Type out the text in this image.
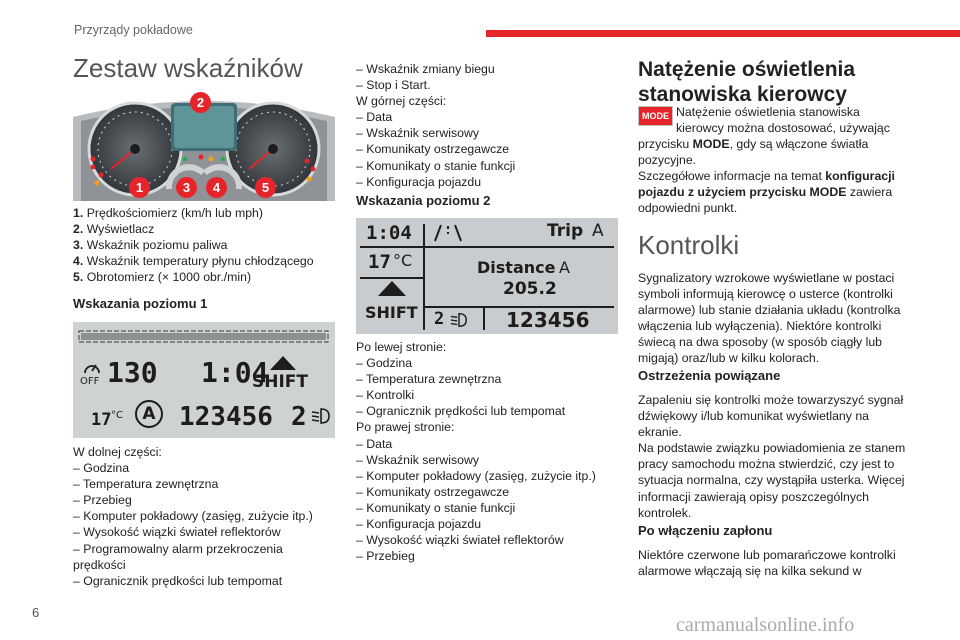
Przyrządy pokładowe
6
carmanualsonline.info
Zestaw wskaźników
2
1	3	4	5
1. Prędkościomierz (km/h lub mph)
2. Wyświetlacz
3. Wskaźnik poziomu paliwa
4. Wskaźnik temperatury płynu chłodzącego
5. Obrotomierz (× 1000 obr./min)
Wskazania poziomu 1
OFF 130 1:04
SHIFT
17 °C	A 123456 2
W dolnej części:
– Godzina
– Temperatura zewnętrzna
– Przebieg
– Komputer pokładowy (zasięg, zużycie itp.)
– Wysokość wiązki świateł reflektorów
– Programowalny alarm przekroczenia
prędkości
– Ogranicznik prędkości lub tempomat
– Wskaźnik zmiany biegu
– Stop i Start.
W górnej części:
– Data
– Wskaźnik serwisowy
– Komunikaty ostrzegawcze
– Komunikaty o stanie funkcji
– Konfiguracja pojazdu
Wskazania poziomu 2
1:04
17 °C
SHIFT
Trip A
Distance A
205.2
2	123456
Po lewej stronie:
– Godzina
– Temperatura zewnętrzna
– Kontrolki
– Ogranicznik prędkości lub tempomat
Po prawej stronie:
– Data
– Wskaźnik serwisowy
– Komputer pokładowy (zasięg, zużycie itp.)
– Komunikaty ostrzegawcze
– Komunikaty o stanie funkcji
– Konfiguracja pojazdu
– Wysokość wiązki świateł reflektorów
– Przebieg
Natężenie oświetlenia
stanowiska kierowcy
MODE Natężenie oświetlenia stanowiska
kierowcy można dostosować, używając
przycisku MODE, gdy są włączone światła
pozycyjne.
Szczegółowe informacje na temat konfiguracji
pojazdu z użyciem przycisku MODE zawiera
odpowiedni punkt.
Kontrolki
Sygnalizatory wzrokowe wyświetlane w postaci
symboli informują kierowcę o usterce (kontrolki
alarmowe) lub stanie działania układu (kontrolka
włączenia lub wyłączenia). Niektóre kontrolki
świecą na dwa sposoby (w sposób ciągły lub
migają) oraz/lub w kilku kolorach.
Ostrzeżenia powiązane
Zapaleniu się kontrolki może towarzyszyć sygnał
dźwiękowy i/lub komunikat wyświetlany na
ekranie.
Na podstawie związku powiadomienia ze stanem
pracy samochodu można stwierdzić, czy jest to
sytuacja normalna, czy wystąpiła usterka. Więcej
informacji zawierają opisy poszczególnych
kontrolek.
Po włączeniu zapłonu
Niektóre czerwone lub pomarańczowe kontrolki
alarmowe włączają się na kilka sekund w
